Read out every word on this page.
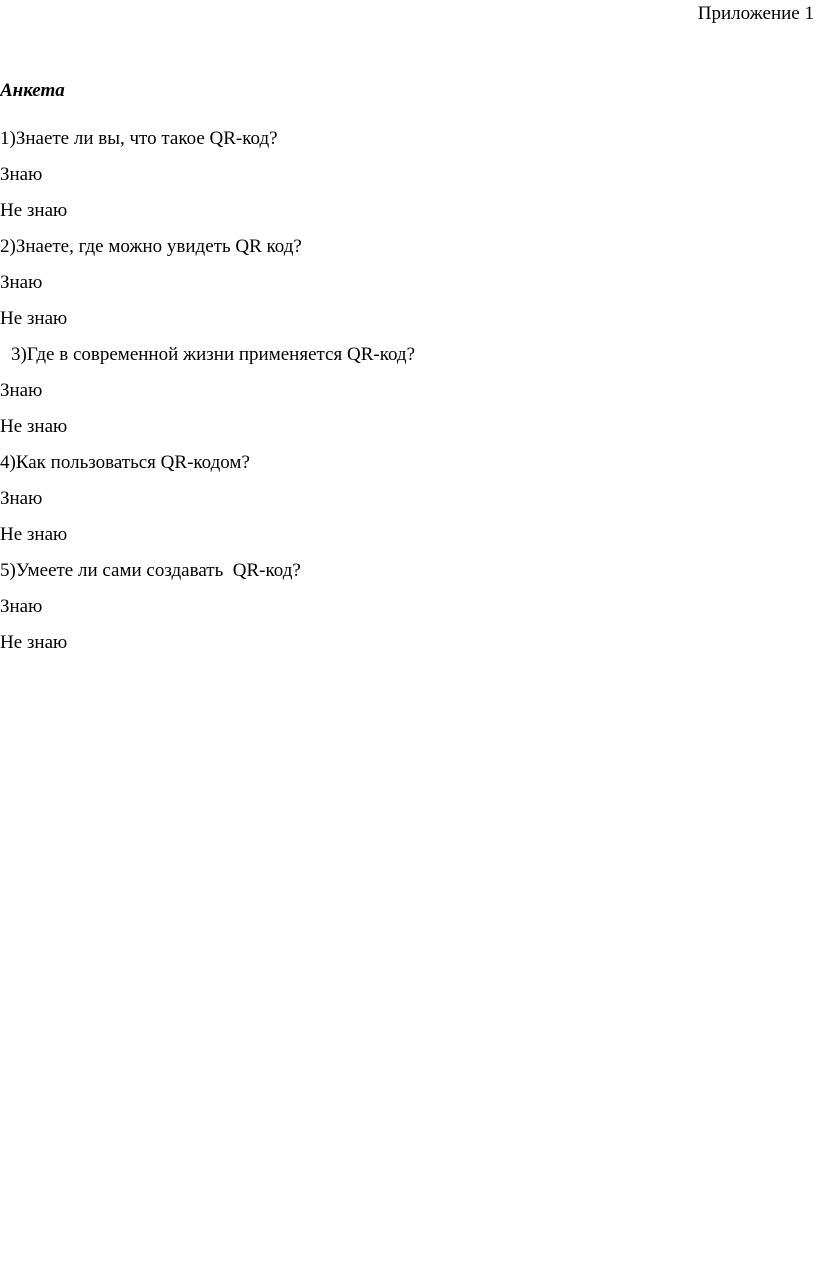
Приложение 1
Анкета
1)Знаете ли вы, что такое QR-код?
Знаю
Не знаю
2)Знаете, где можно увидеть QR код?
Знаю
Не знаю
3)Где в современной жизни применяется QR-код?
Знаю
Не знаю
4)Как пользоваться QR-кодом?
Знаю
Не знаю
5)Умеете ли сами создавать  QR-код?
Знаю
Не знаю
